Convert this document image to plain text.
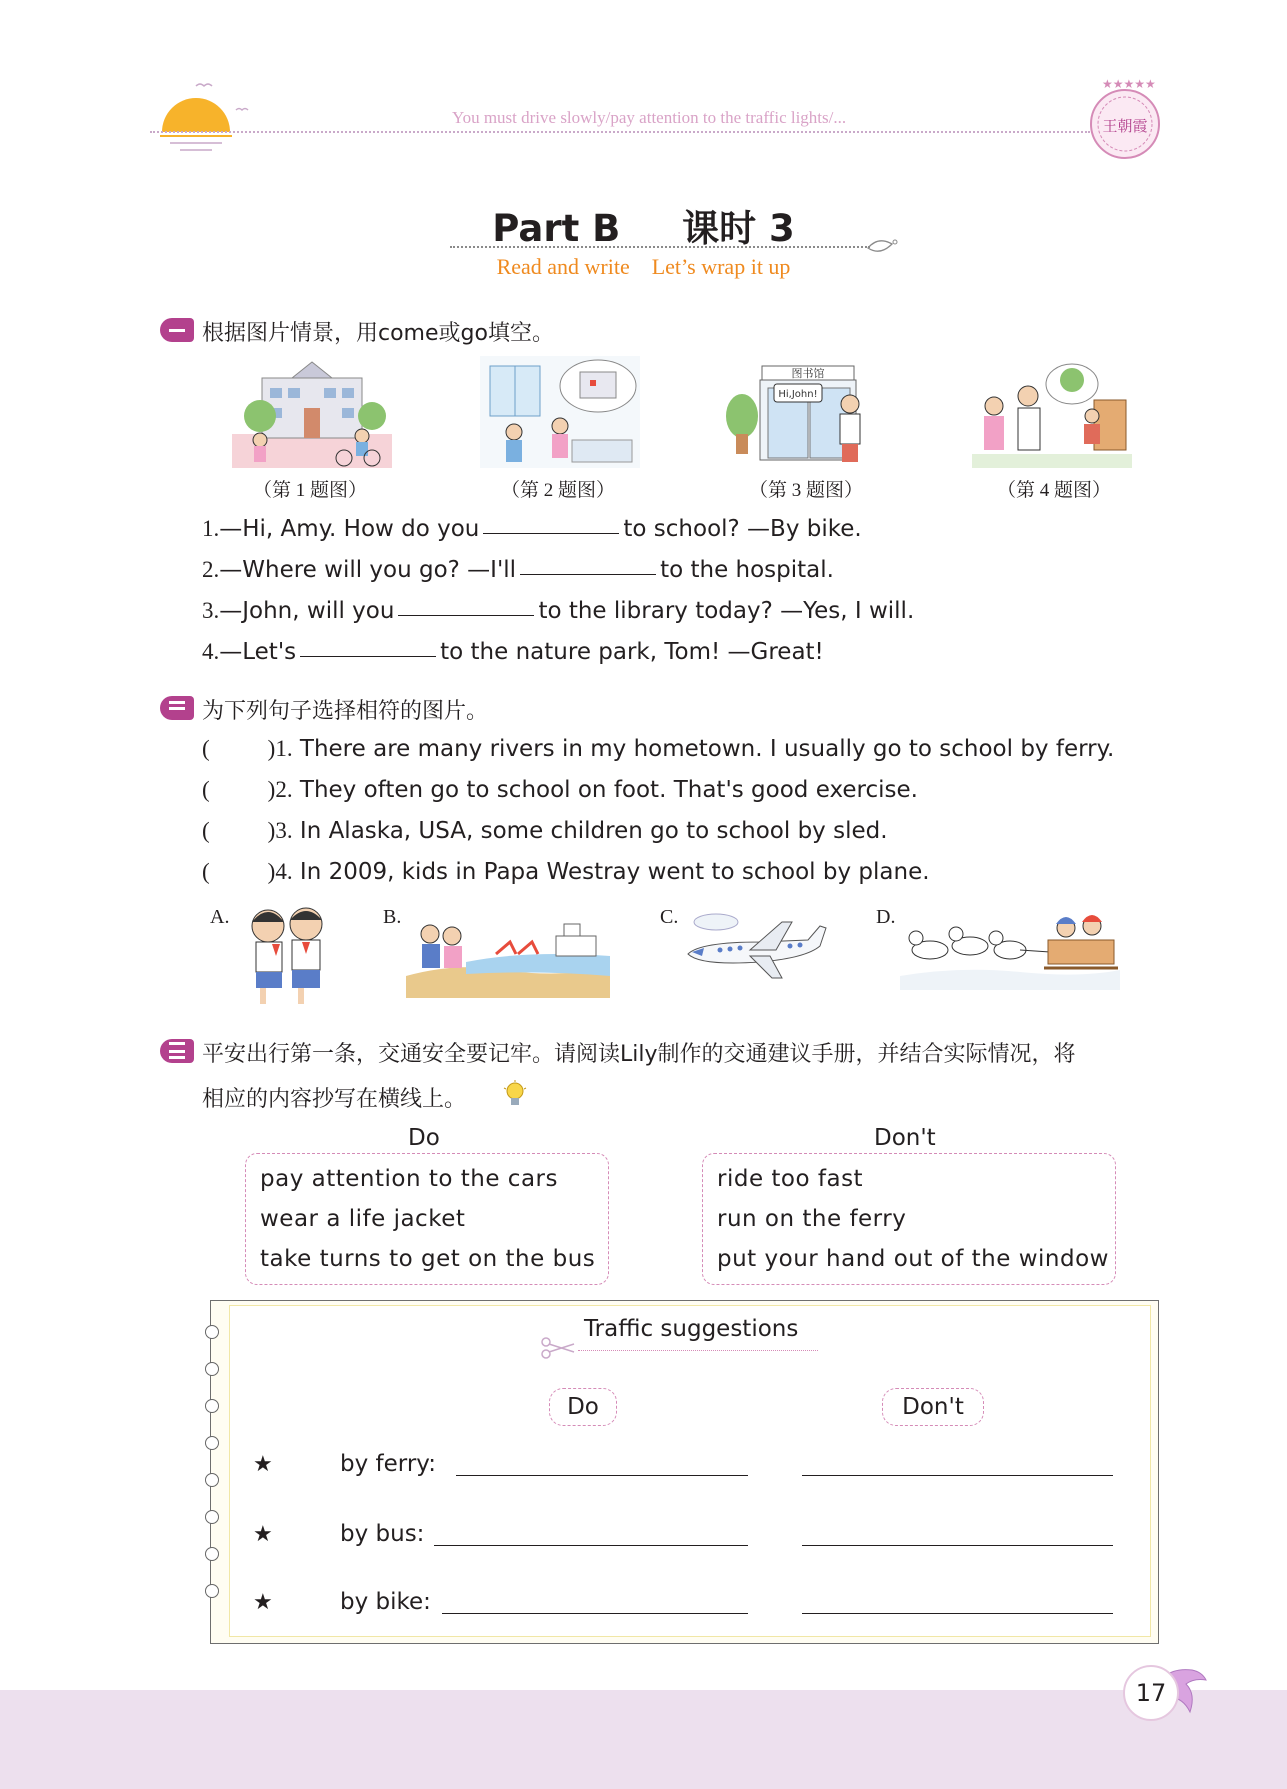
You must drive slowly/pay attention to the traffic lights/...
★★★★★
王朝霞
Part B 课时 3
Read and write    Let’s wrap it up
根据图片情景，用come或go填空。
图书馆
Hi,John!
（第 1 题图）	（第 2 题图）	（第 3 题图）	（第 4 题图）
1.—Hi, Amy. How do you	to school? —By bike.
2.—Where will you go? —I'll	to the hospital.
3.—John, will you	to the library today? —Yes, I will.
4.—Let's	to the nature park, Tom! —Great!
为下列句子选择相符的图片。
(	)1. There are many rivers in my hometown. I usually go to school by ferry.
(	)2. They often go to school on foot. That's good exercise.
(	)3. In Alaska, USA, some children go to school by sled.
(	)4. In 2009, kids in Papa Westray went to school by plane.
A.	B.	C.	D.
平安出行第一条，交通安全要记牢。请阅读Lily制作的交通建议手册，并结合实际情况，将
相应的内容抄写在横线上。
Do	Don't
pay attention to the cars
wear a life jacket
take turns to get on the bus
ride too fast
run on the ferry
put your hand out of the window
Traffic suggestions
Do	Don't
★	by ferry:
★	by bus:
★	by bike:
17
